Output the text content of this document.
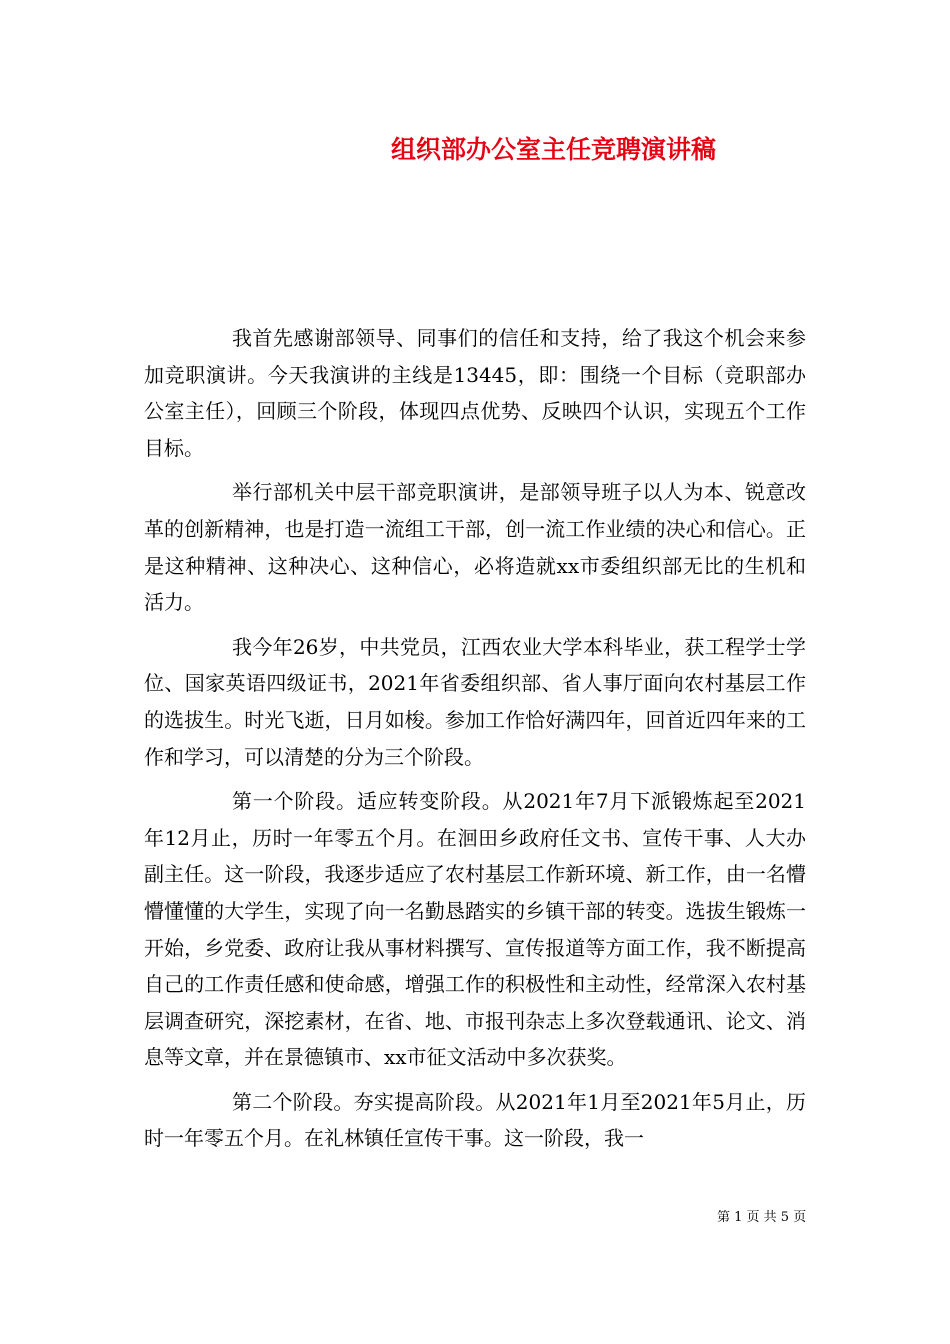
组织部办公室主任竞聘演讲稿

我首先感谢部领导、同事们的信任和支持，给了我这个机会来参加竞职演讲。今天我演讲的主线是13445，即：围绕一个目标（竞职部办公室主任），回顾三个阶段，体现四点优势、反映四个认识，实现五个工作目标。

举行部机关中层干部竞职演讲，是部领导班子以人为本、锐意改革的创新精神，也是打造一流组工干部，创一流工作业绩的决心和信心。正是这种精神、这种决心、这种信心，必将造就xx市委组织部无比的生机和活力。

我今年26岁，中共党员，江西农业大学本科毕业，获工程学士学位、国家英语四级证书，2021年省委组织部、省人事厅面向农村基层工作的选拔生。时光飞逝，日月如梭。参加工作恰好满四年，回首近四年来的工作和学习，可以清楚的分为三个阶段。

第一个阶段。适应转变阶段。从2021年7月下派锻炼起至2021年12月止，历时一年零五个月。在洄田乡政府任文书、宣传干事、人大办副主任。这一阶段，我逐步适应了农村基层工作新环境、新工作，由一名懵懵懂懂的大学生，实现了向一名勤恳踏实的乡镇干部的转变。选拔生锻炼一开始，乡党委、政府让我从事材料撰写、宣传报道等方面工作，我不断提高自己的工作责任感和使命感，增强工作的积极性和主动性，经常深入农村基层调查研究，深挖素材，在省、地、市报刊杂志上多次登载通讯、论文、消息等文章，并在景德镇市、xx市征文活动中多次获奖。

第二个阶段。夯实提高阶段。从2021年1月至2021年5月止，历时一年零五个月。在礼林镇任宣传干事。这一阶段，我一

第 1 页 共 5 页
